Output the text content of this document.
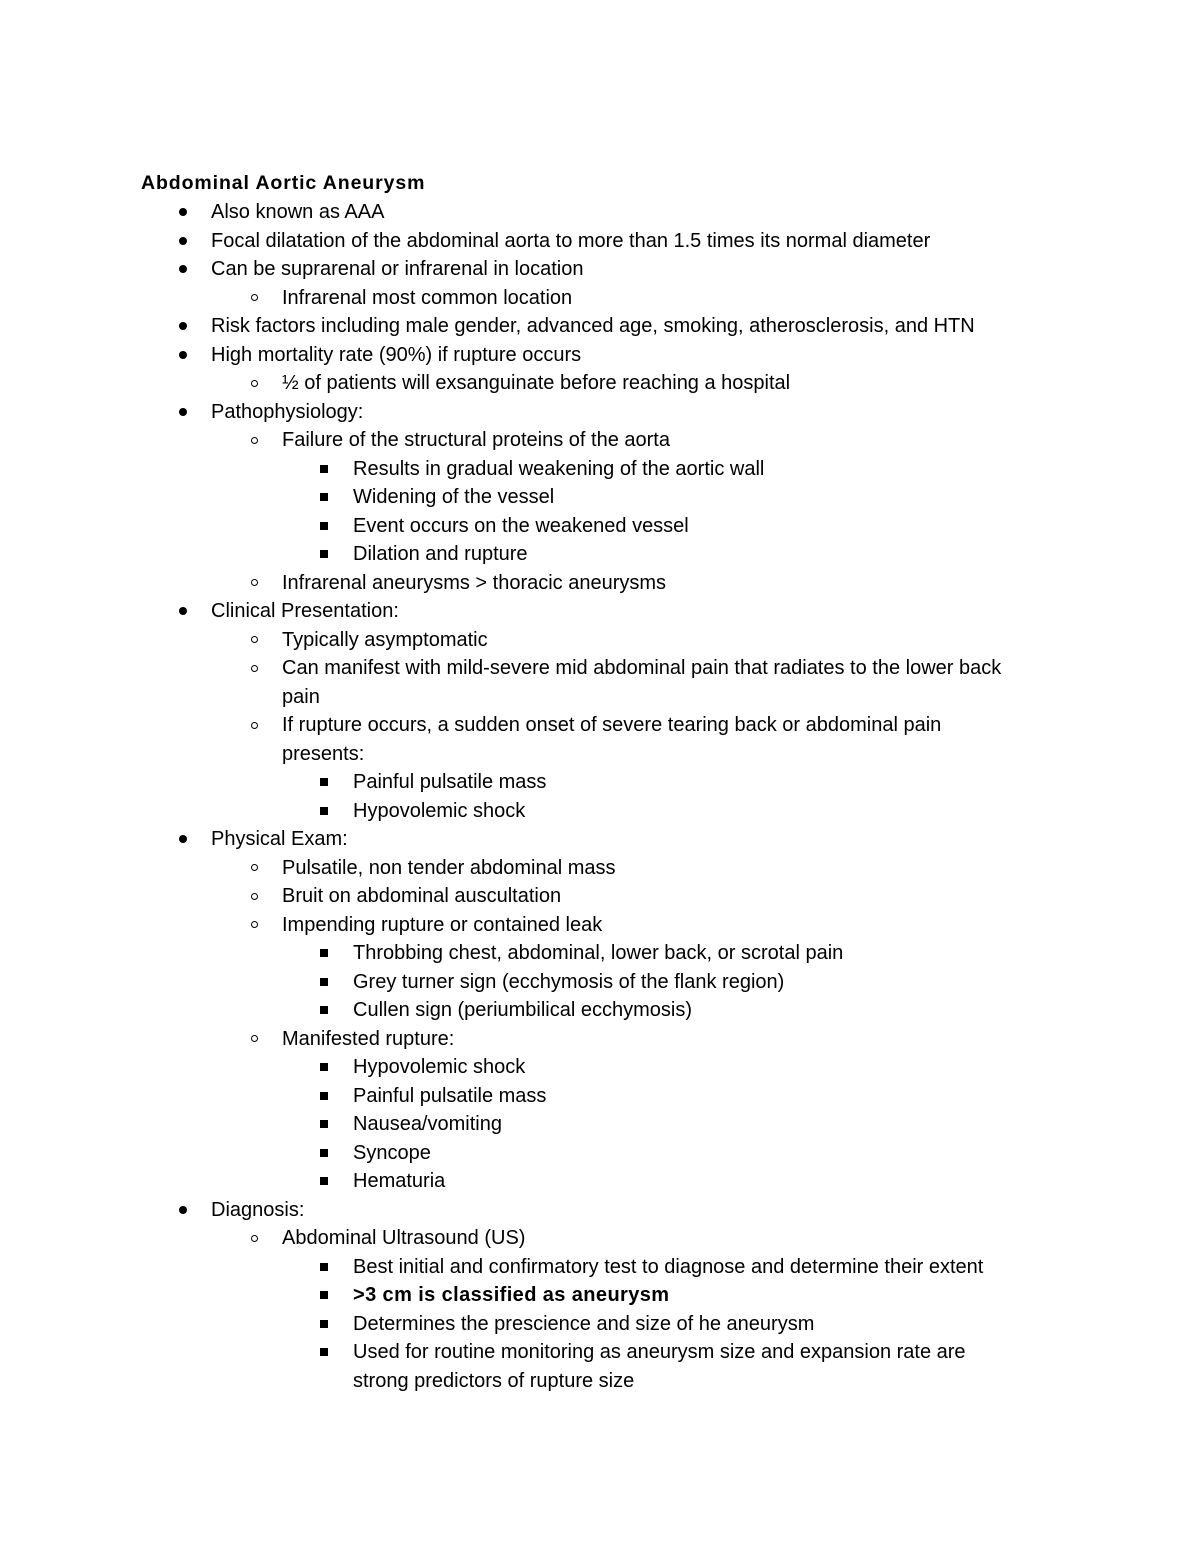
Abdominal Aortic Aneurysm
Also known as AAA
Focal dilatation of the abdominal aorta to more than 1.5 times its normal diameter
Can be suprarenal or infrarenal in location
Infrarenal most common location
Risk factors including male gender, advanced age, smoking, atherosclerosis, and HTN
High mortality rate (90%) if rupture occurs
½ of patients will exsanguinate before reaching a hospital
Pathophysiology:
Failure of the structural proteins of the aorta
Results in gradual weakening of the aortic wall
Widening of the vessel
Event occurs on the weakened vessel
Dilation and rupture
Infrarenal aneurysms > thoracic aneurysms
Clinical Presentation:
Typically asymptomatic
Can manifest with mild-severe mid abdominal pain that radiates to the lower back
pain
If rupture occurs, a sudden onset of severe tearing back or abdominal pain
presents:
Painful pulsatile mass
Hypovolemic shock
Physical Exam:
Pulsatile, non tender abdominal mass
Bruit on abdominal auscultation
Impending rupture or contained leak
Throbbing chest, abdominal, lower back, or scrotal pain
Grey turner sign (ecchymosis of the flank region)
Cullen sign (periumbilical ecchymosis)
Manifested rupture:
Hypovolemic shock
Painful pulsatile mass
Nausea/vomiting
Syncope
Hematuria
Diagnosis:
Abdominal Ultrasound (US)
Best initial and confirmatory test to diagnose and determine their extent
>3 cm is classified as aneurysm
Determines the prescience and size of he aneurysm
Used for routine monitoring as aneurysm size and expansion rate are
strong predictors of rupture size
